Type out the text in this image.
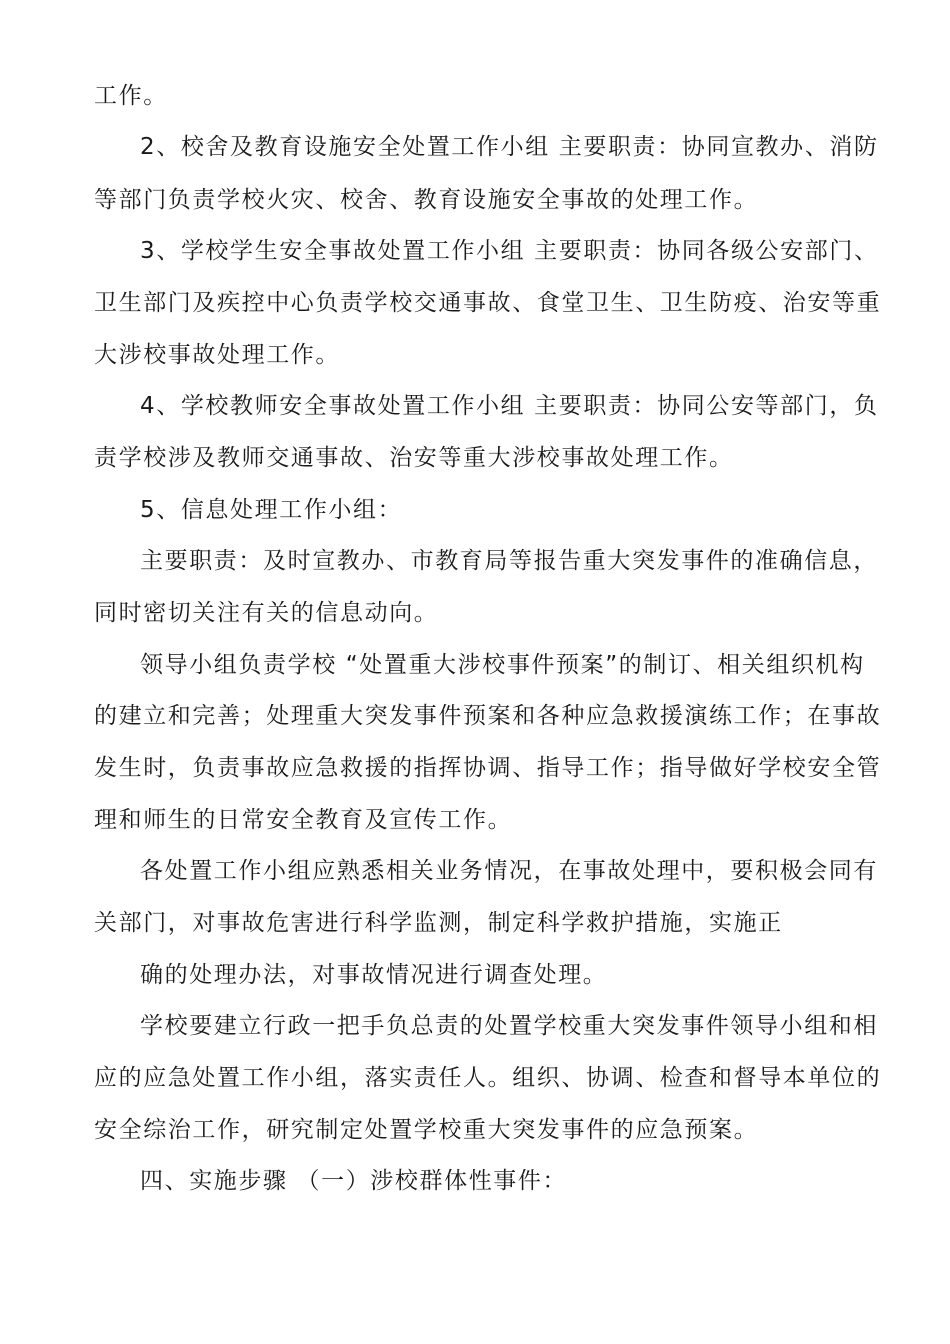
工作。
2、校舍及教育设施安全处置工作小组 主要职责：协同宣教办、消防
等部门负责学校火灾、校舍、教育设施安全事故的处理工作。
3、学校学生安全事故处置工作小组 主要职责：协同各级公安部门、
卫生部门及疾控中心负责学校交通事故、食堂卫生、卫生防疫、治安等重
大涉校事故处理工作。
4、学校教师安全事故处置工作小组 主要职责：协同公安等部门，负
责学校涉及教师交通事故、治安等重大涉校事故处理工作。
5、信息处理工作小组：
主要职责：及时宣教办、市教育局等报告重大突发事件的准确信息，
同时密切关注有关的信息动向。
领导小组负责学校 “处置重大涉校事件预案”的制订、相关组织机构
的建立和完善；处理重大突发事件预案和各种应急救援演练工作；在事故
发生时，负责事故应急救援的指挥协调、指导工作；指导做好学校安全管
理和师生的日常安全教育及宣传工作。
各处置工作小组应熟悉相关业务情况，在事故处理中，要积极会同有
关部门，对事故危害进行科学监测，制定科学救护措施，实施正
确的处理办法，对事故情况进行调查处理。
学校要建立行政一把手负总责的处置学校重大突发事件领导小组和相
应的应急处置工作小组，落实责任人。组织、协调、检查和督导本单位的
安全综治工作，研究制定处置学校重大突发事件的应急预案。
四、实施步骤 （一）涉校群体性事件：
